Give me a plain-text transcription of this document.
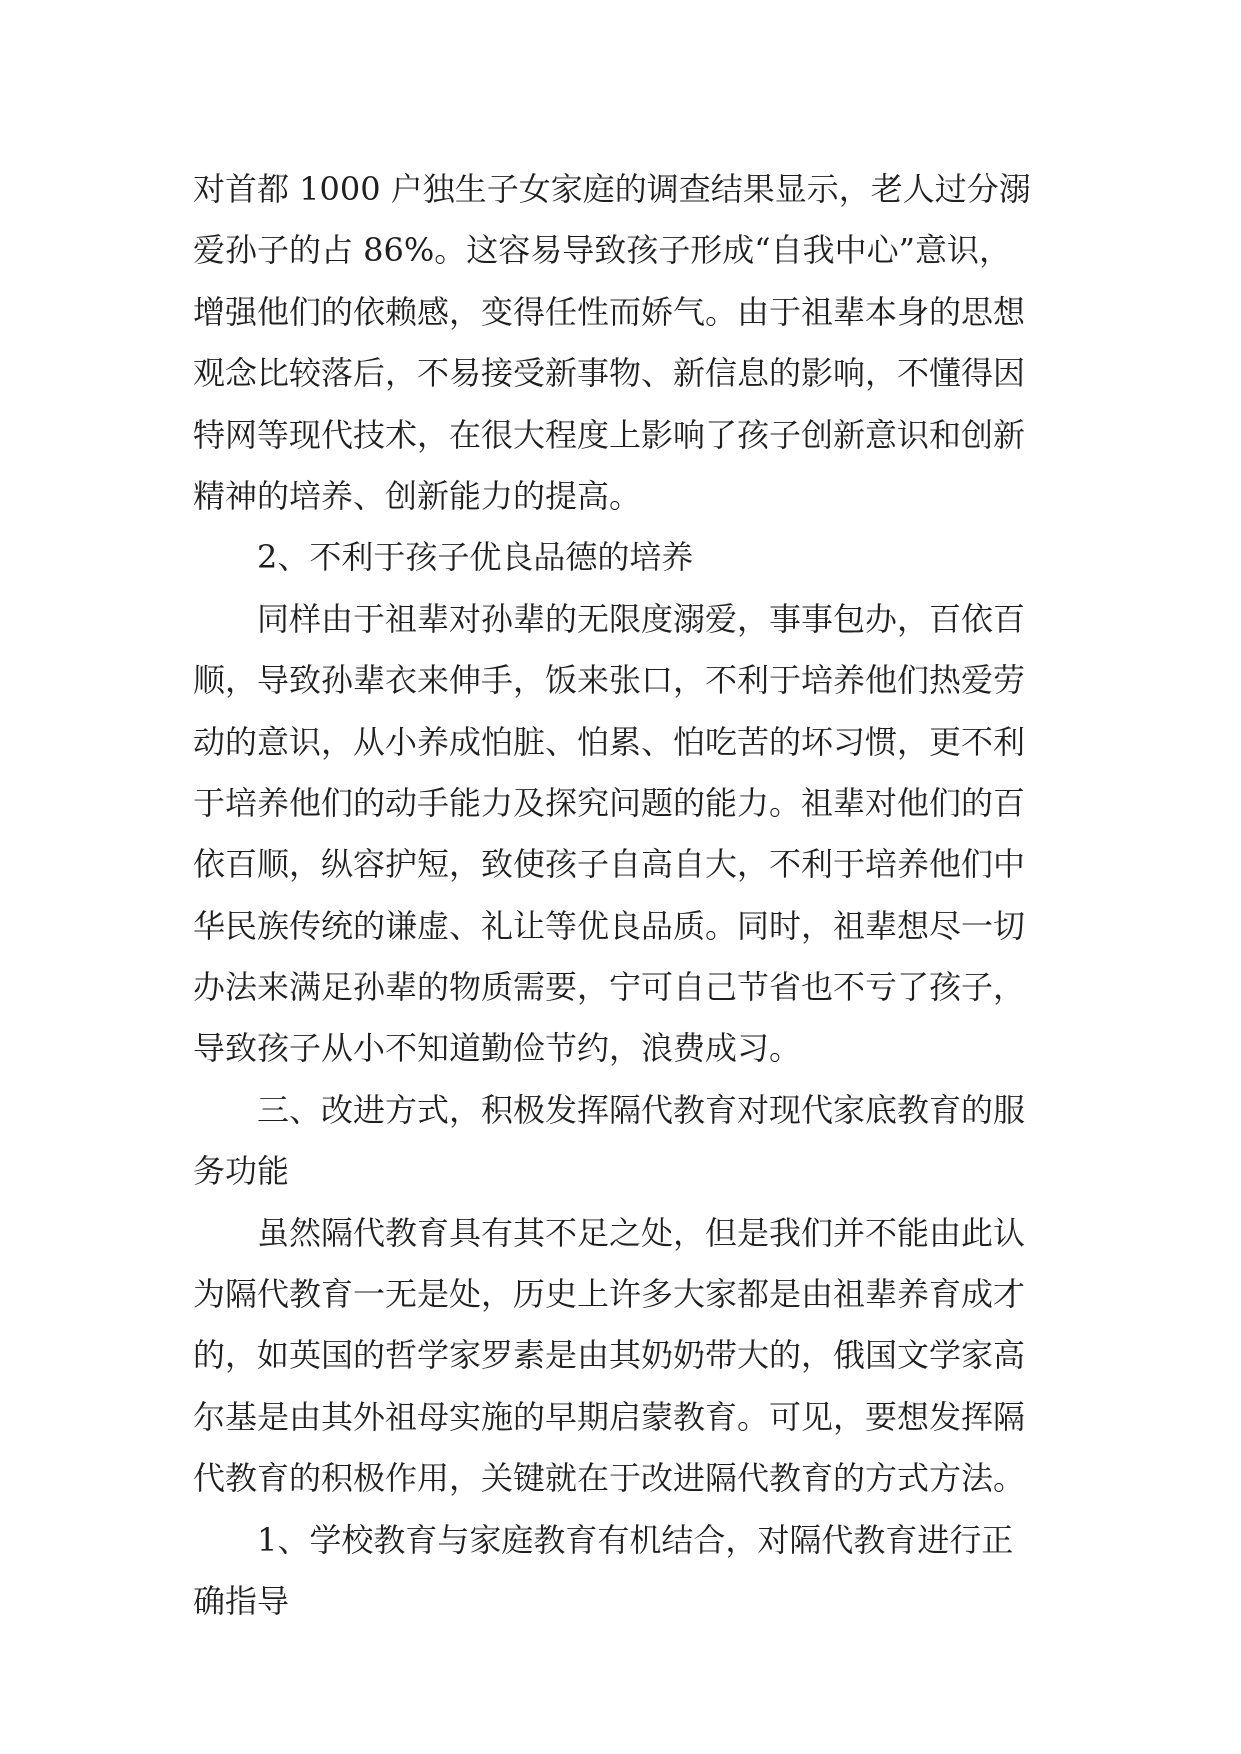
对首都 1000 户独生子女家庭的调查结果显示，老人过分溺
爱孙子的占 86%。这容易导致孩子形成“自我中心”意识，
增强他们的依赖感，变得任性而娇气。由于祖辈本身的思想
观念比较落后，不易接受新事物、新信息的影响，不懂得因
特网等现代技术，在很大程度上影响了孩子创新意识和创新
精神的培养、创新能力的提高。
2、不利于孩子优良品德的培养
同样由于祖辈对孙辈的无限度溺爱，事事包办，百依百
顺，导致孙辈衣来伸手，饭来张口，不利于培养他们热爱劳
动的意识，从小养成怕脏、怕累、怕吃苦的坏习惯，更不利
于培养他们的动手能力及探究问题的能力。祖辈对他们的百
依百顺，纵容护短，致使孩子自高自大，不利于培养他们中
华民族传统的谦虚、礼让等优良品质。同时，祖辈想尽一切
办法来满足孙辈的物质需要，宁可自己节省也不亏了孩子，
导致孩子从小不知道勤俭节约，浪费成习。
三、改进方式，积极发挥隔代教育对现代家底教育的服
务功能
虽然隔代教育具有其不足之处，但是我们并不能由此认
为隔代教育一无是处，历史上许多大家都是由祖辈养育成才
的，如英国的哲学家罗素是由其奶奶带大的，俄国文学家高
尔基是由其外祖母实施的早期启蒙教育。可见，要想发挥隔
代教育的积极作用，关键就在于改进隔代教育的方式方法。
1、学校教育与家庭教育有机结合，对隔代教育进行正
确指导
